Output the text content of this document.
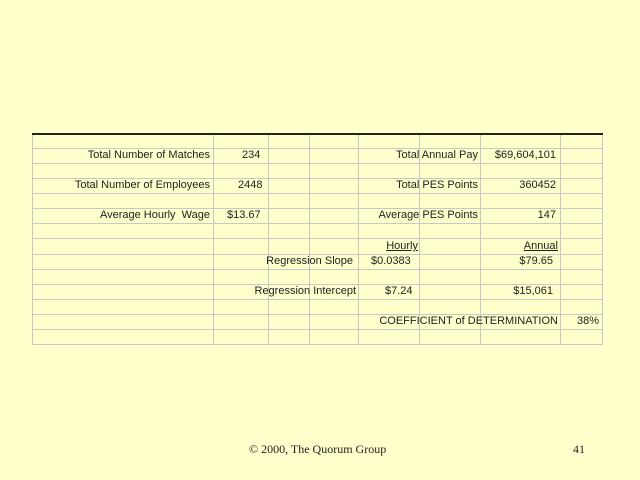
Total Number of Matches	234	Total Annual Pay	$69,604,101
Total Number of Employees	2448	Total PES Points	360452
Average Hourly  Wage $13.67	Average PES Points	147
Hourly	Annual
Regression Slope $0.0383	$79.65
Regression Intercept	$7.24	$15,061
COEFFICIENT of DETERMINATION	38%
© 2000, The Quorum Group	41
